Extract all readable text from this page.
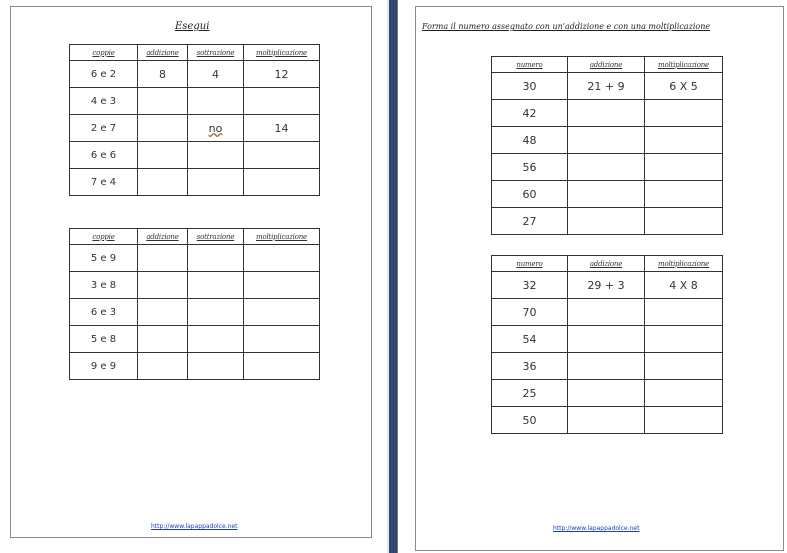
Esegui
coppie	addizione	sottrazione	moltiplicazione
6 e 2	8	4	12
4 e 3			
2 e 7		no	14
6 e 6			
7 e 4			
coppie	addizione	sottrazione	moltiplicazione
5 e 9			
3 e 8			
6 e 3			
5 e 8			
9 e 9			
http://www.lapappadolce.net
Forma il numero assegnato con un'addizione e con una moltiplicazione
numero	addizione	moltiplicazione
30	21 + 9	6 X 5
42		
48		
56		
60		
27		
numero	addizione	moltiplicazione
32	29 + 3	4 X 8
70		
54		
36		
25		
50		
http://www.lapappadolce.net
